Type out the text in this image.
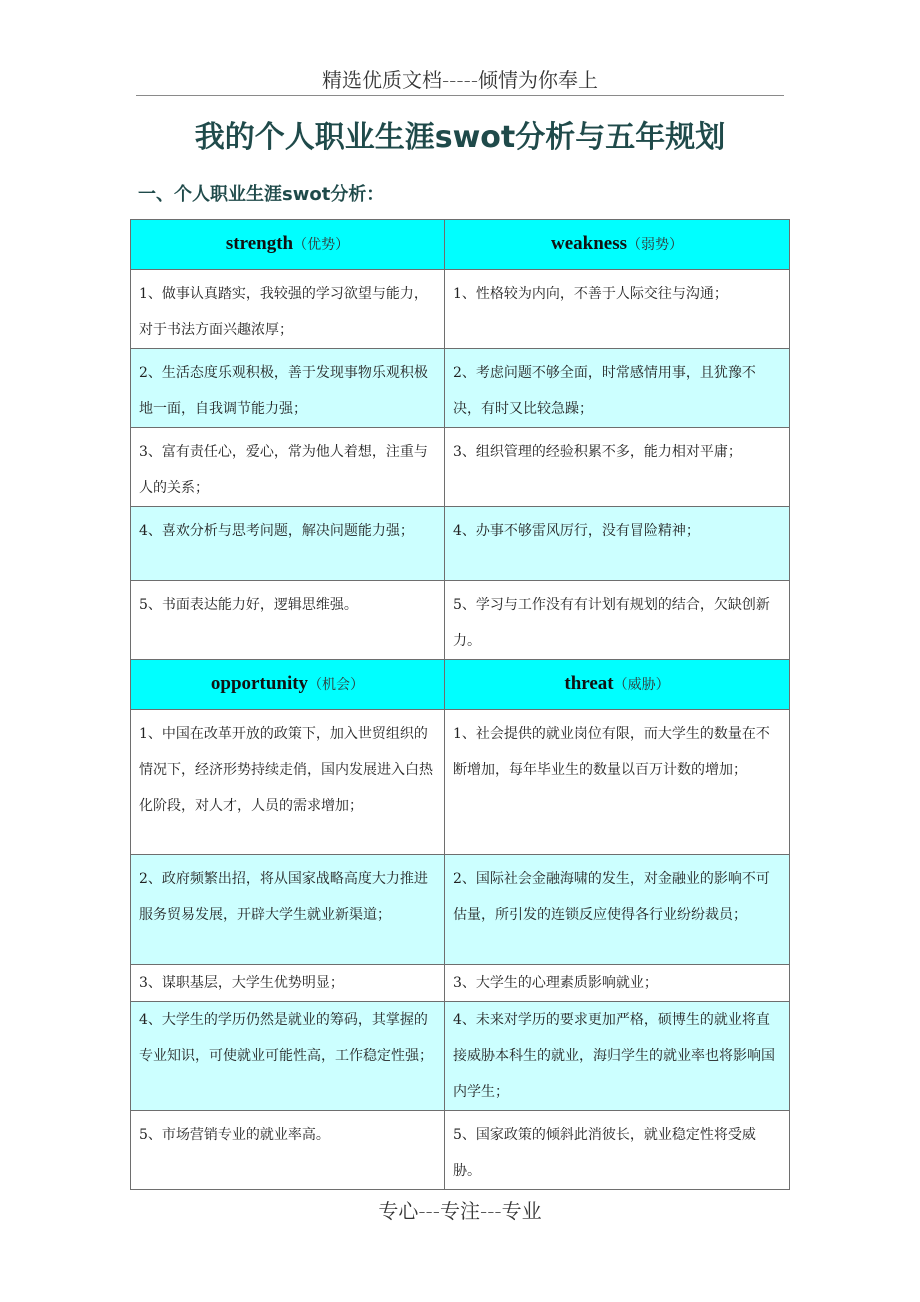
精选优质文档-----倾情为你奉上
我的个人职业生涯swot分析与五年规划
一、个人职业生涯swot分析：
strength（优势）	weakness（弱势）
1、做事认真踏实，我较强的学习欲望与能力，对于书法方面兴趣浓厚；	1、性格较为内向，不善于人际交往与沟通；
2、生活态度乐观积极，善于发现事物乐观积极地一面，自我调节能力强；	2、考虑问题不够全面，时常感情用事，且犹豫不决，有时又比较急躁；
3、富有责任心，爱心，常为他人着想，注重与人的关系；	3、组织管理的经验积累不多，能力相对平庸；
4、喜欢分析与思考问题，解决问题能力强；	4、办事不够雷风厉行，没有冒险精神；
5、书面表达能力好，逻辑思维强。	5、学习与工作没有有计划有规划的结合，欠缺创新力。
opportunity（机会）	threat（威胁）
1、中国在改革开放的政策下，加入世贸组织的情况下，经济形势持续走俏，国内发展进入白热化阶段，对人才，人员的需求增加；	1、社会提供的就业岗位有限，而大学生的数量在不断增加，每年毕业生的数量以百万计数的增加；
2、政府频繁出招，将从国家战略高度大力推进服务贸易发展，开辟大学生就业新渠道；	2、国际社会金融海啸的发生，对金融业的影响不可估量，所引发的连锁反应使得各行业纷纷裁员；
3、谋职基层，大学生优势明显；	3、大学生的心理素质影响就业；
4、大学生的学历仍然是就业的筹码，其掌握的专业知识，可使就业可能性高，工作稳定性强；	4、未来对学历的要求更加严格，硕博生的就业将直接威胁本科生的就业，海归学生的就业率也将影响国内学生；
5、市场营销专业的就业率高。	5、国家政策的倾斜此消彼长，就业稳定性将受威胁。
专心---专注---专业
